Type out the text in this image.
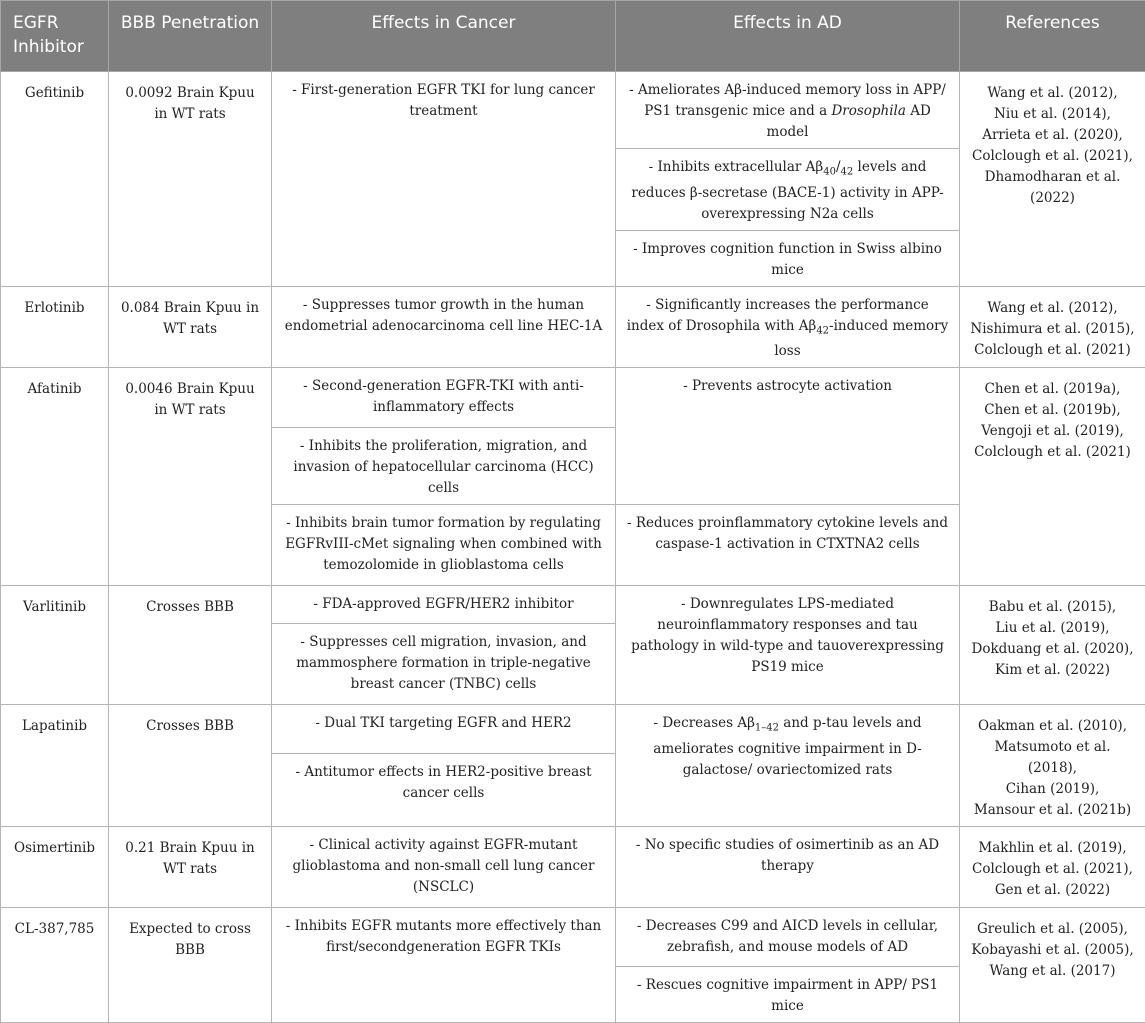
EGFR Inhibitor	BBB Penetration	Effects in Cancer	Effects in AD	References
Gefitinib	0.0092 Brain Kpuu in WT rats	- First-generation EGFR TKI for lung cancer treatment	- Ameliorates Aβ-induced memory loss in APP/ PS1 transgenic mice and a Drosophila AD model	Wang et al. (2012),
Niu et al. (2014),
Arrieta et al. (2020),
Colclough et al. (2021),
Dhamodharan et al. (2022)

			- Inhibits extracellular $A\beta_{40}/_{42}$ levels and reduces β-secretase (BACE-1) activity in APP-overexpressing N2a cells	
			- Improves cognition function in Swiss albino mice	
Erlotinib	0.084 Brain Kpuu in WT rats	- Suppresses tumor growth in the human endometrial adenocarcinoma cell line HEC-1A	- Significantly increases the performance index of Drosophila with $A\beta_{42}$-induced memory loss	Wang et al. (2012),
Nishimura et al. (2015),
Colclough et al. (2021)

Afatinib	0.0046 Brain Kpuu in WT rats	- Second-generation EGFR-TKI with anti-inflammatory effects	- Prevents astrocyte activation	Chen et al. (2019a),
Chen et al. (2019b),
Vengoji et al. (2019),
Colclough et al. (2021)

		- Inhibits the proliferation, migration, and invasion of hepatocellular carcinoma (HCC) cells		
		- Inhibits brain tumor formation by regulating EGFRvIII-cMet signaling when combined with temozolomide in glioblastoma cells	- Reduces proinflammatory cytokine levels and caspase-1 activation in CTXTNA2 cells	
Varlitinib	Crosses BBB	- FDA-approved EGFR/HER2 inhibitor	- Downregulates LPS-mediated neuroinflammatory responses and tau pathology in wild-type and tauoverexpressing PS19 mice	Babu et al. (2015),
Liu et al. (2019),
Dokduang et al. (2020),
Kim et al. (2022)

		- Suppresses cell migration, invasion, and mammosphere formation in triple-negative breast cancer (TNBC) cells		
Lapatinib	Crosses BBB	- Dual TKI targeting EGFR and HER2	- Decreases $A\beta_{1-42}$ and p-tau levels and ameliorates cognitive impairment in D-galactose/ ovariectomized rats	Oakman et al. (2010),
Matsumoto et al. (2018),
Cihan (2019),
Mansour et al. (2021b)

		- Antitumor effects in HER2-positive breast cancer cells		
Osimertinib	0.21 Brain Kpuu in WT rats	- Clinical activity against EGFR-mutant glioblastoma and non-small cell lung cancer (NSCLC)	- No specific studies of osimertinib as an AD therapy	Makhlin et al. (2019),
Colclough et al. (2021),
Gen et al. (2022)

CL-387,785	Expected to cross BBB	- Inhibits EGFR mutants more effectively than first/secondgeneration EGFR TKIs	- Decreases C99 and AICD levels in cellular, zebrafish, and mouse models of AD	Greulich et al. (2005),
Kobayashi et al. (2005),
Wang et al. (2017)

			- Rescues cognitive impairment in APP/ PS1 mice	
